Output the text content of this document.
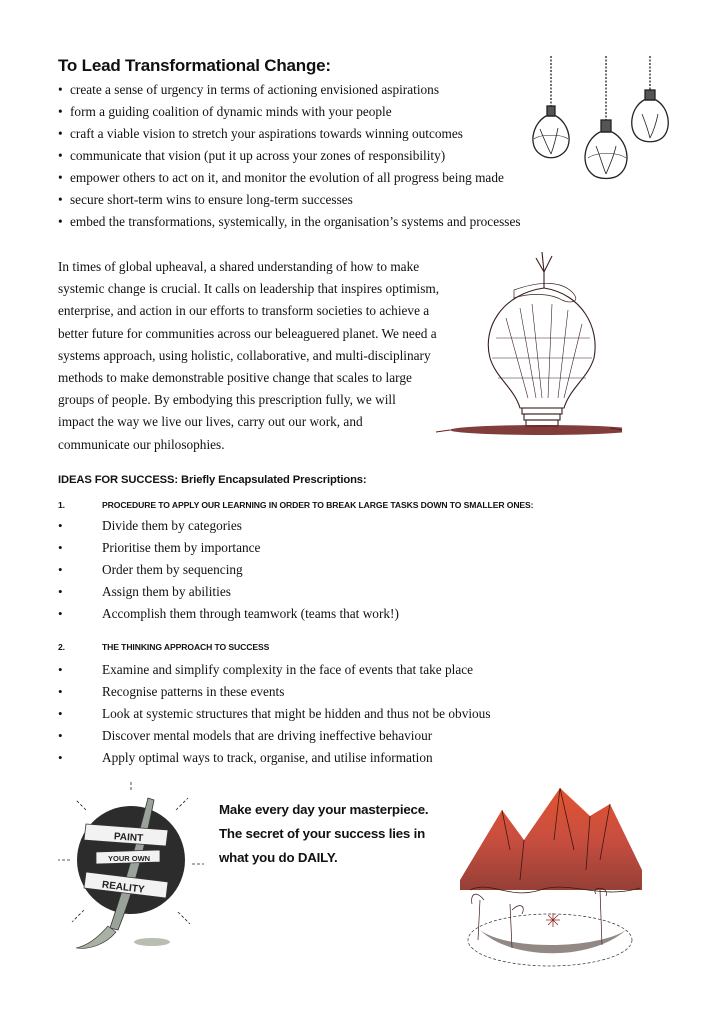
To Lead Transformational Change:
• create a sense of urgency in terms of actioning envisioned aspirations
• form a guiding coalition of dynamic minds with your people
• craft a viable vision to stretch your aspirations towards winning outcomes
• communicate that vision (put it up across your zones of responsibility)
• empower others to act on it, and monitor the evolution of all progress being made
• secure short-term wins to ensure long-term successes
• embed the transformations, systemically, in the organisation’s systems and processes

In times of global upheaval, a shared understanding of how to make
systemic change is crucial. It calls on leadership that inspires optimism,
enterprise, and action in our efforts to transform societies to achieve a
better future for communities across our beleaguered planet. We need a
systems approach, using holistic, collaborative, and multi-disciplinary
methods to make demonstrable positive change that scales to large
groups of people. By embodying this prescription fully, we will
impact the way we live our lives, carry out our work, and
communicate our philosophies.

IDEAS FOR SUCCESS: Briefly Encapsulated Prescriptions:
1.	PROCEDURE TO APPLY OUR LEARNING IN ORDER TO BREAK LARGE TASKS DOWN TO SMALLER ONES:
•	Divide them by categories
•	Prioritise them by importance
•	Order them by sequencing
•	Assign them by abilities
•	Accomplish them through teamwork (teams that work!)
2.	THE THINKING APPROACH TO SUCCESS
•	Examine and simplify complexity in the face of events that take place
•	Recognise patterns in these events
•	Look at systemic structures that might be hidden and thus not be obvious
•	Discover mental models that are driving ineffective behaviour
•	Apply optimal ways to track, organise, and utilise information
PAINT
YOUR OWN
REALITY
Make every day your masterpiece.
The secret of your success lies in
what you do DAILY.
